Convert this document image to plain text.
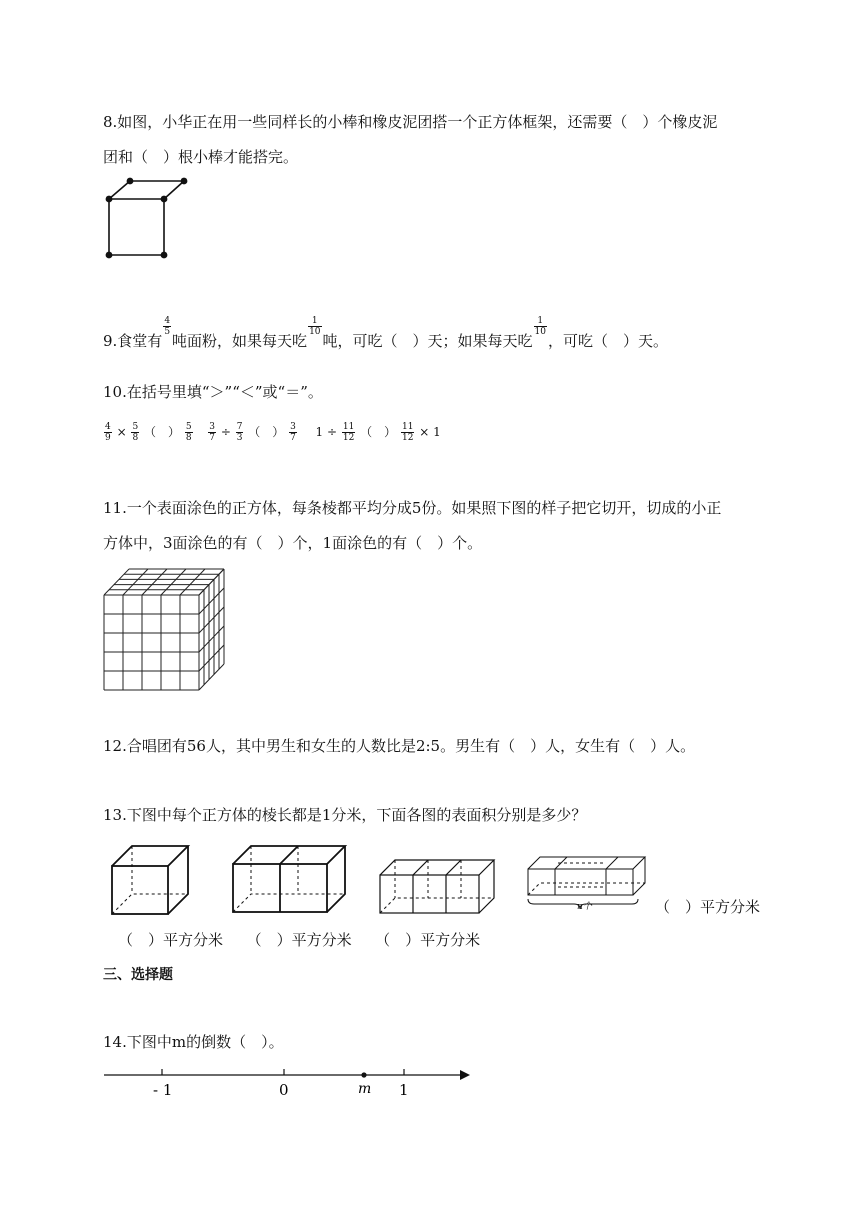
8.如图，小华正在用一些同样长的小棒和橡皮泥团搭一个正方体框架，还需要（　）个橡皮泥
团和（　）根小棒才能搭完。
9.食堂有
$\frac{4}{5}$
吨面粉，如果每天吃
$\frac{1}{10}$
吨，可吃（　）天；如果每天吃
$\frac{1}{10}$
，可吃（　）天。
10.在括号里填“＞”“＜”或“＝”。
$\frac{4}{9} \times \frac{5}{8}$ （　） $\frac{5}{8}$
$\frac{3}{7} \div \frac{7}{3}$ （　） $\frac{3}{7} 1 \div \frac{11}{12}$ （　） $\frac{11}{12} \times 1$
11.一个表面涂色的正方体，每条棱都平均分成5份。如果照下图的样子把它切开，切成的小正
方体中，3面涂色的有（　）个，1面涂色的有（　）个。
12.合唱团有56人，其中男生和女生的人数比是2:5。男生有（　）人，女生有（　）人。
13.下图中每个正方体的棱长都是1分米，下面各图的表面积分别是多少？
n个	（　）平方分米
（　）平方分米 （　）平方分米 （　）平方分米
三、选择题
14.下图中m的倒数（　）。
- 1	0	m 1
